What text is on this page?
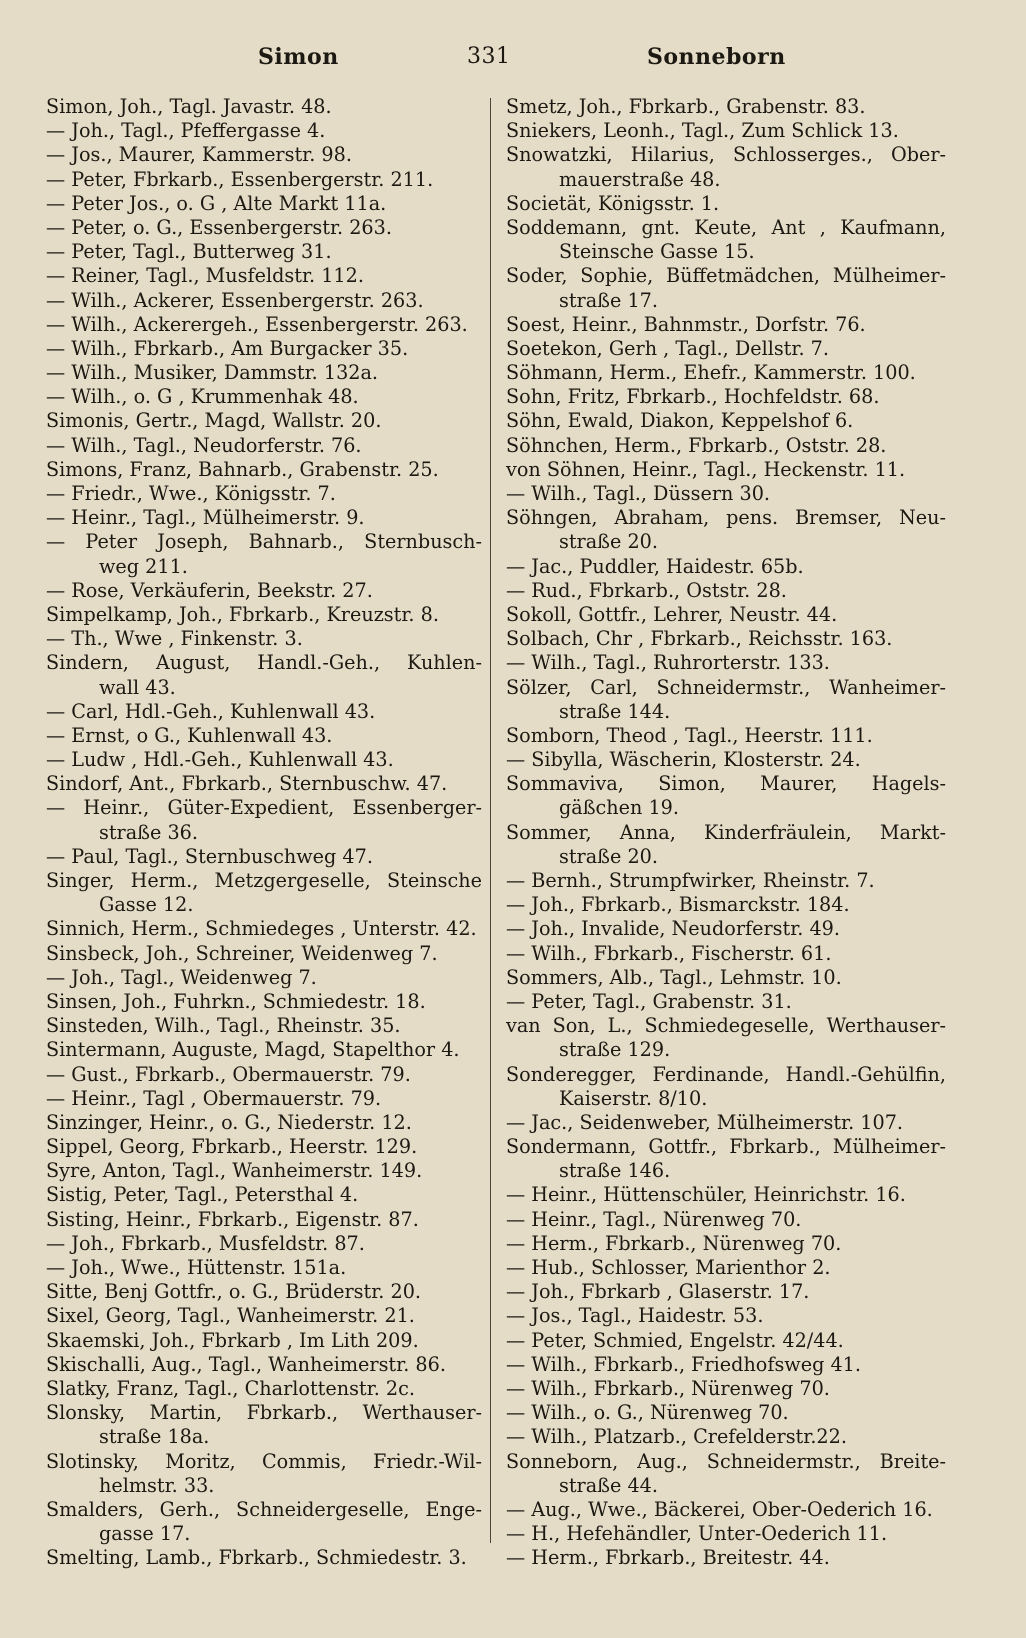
Simon	331	Sonneborn
Simon, Joh., Tagl. Javastr. 48.
— Joh., Tagl., Pfeffergasse 4.
— Jos., Maurer, Kammerstr. 98.
— Peter, Fbrkarb., Essenbergerstr. 211.
— Peter Jos., o. G , Alte Markt 11a.
— Peter, o. G., Essenbergerstr. 263.
— Peter, Tagl., Butterweg 31.
— Reiner, Tagl., Musfeldstr. 112.
— Wilh., Ackerer, Essenbergerstr. 263.
— Wilh., Ackerergeh., Essenbergerstr. 263.
— Wilh., Fbrkarb., Am Burgacker 35.
— Wilh., Musiker, Dammstr. 132a.
— Wilh., o. G , Krummenhak 48.
Simonis, Gertr., Magd, Wallstr. 20.
— Wilh., Tagl., Neudorferstr. 76.
Simons, Franz, Bahnarb., Grabenstr. 25.
— Friedr., Wwe., Königsstr. 7.
— Heinr., Tagl., Mülheimerstr. 9.
— Peter Joseph, Bahnarb., Sternbusch-
weg 211.
— Rose, Verkäuferin, Beekstr. 27.
Simpelkamp, Joh., Fbrkarb., Kreuzstr. 8.
— Th., Wwe , Finkenstr. 3.
Sindern, August, Handl.-Geh., Kuhlen-
wall 43.
— Carl, Hdl.-Geh., Kuhlenwall 43.
— Ernst, o G., Kuhlenwall 43.
— Ludw , Hdl.-Geh., Kuhlenwall 43.
Sindorf, Ant., Fbrkarb., Sternbuschw. 47.
— Heinr., Güter-Expedient, Essenberger-
straße 36.
— Paul, Tagl., Sternbuschweg 47.
Singer, Herm., Metzgergeselle, Steinsche
Gasse 12.
Sinnich, Herm., Schmiedeges , Unterstr. 42.
Sinsbeck, Joh., Schreiner, Weidenweg 7.
— Joh., Tagl., Weidenweg 7.
Sinsen, Joh., Fuhrkn., Schmiedestr. 18.
Sinsteden, Wilh., Tagl., Rheinstr. 35.
Sintermann, Auguste, Magd, Stapelthor 4.
— Gust., Fbrkarb., Obermauerstr. 79.
— Heinr., Tagl , Obermauerstr. 79.
Sinzinger, Heinr., o. G., Niederstr. 12.
Sippel, Georg, Fbrkarb., Heerstr. 129.
Syre, Anton, Tagl., Wanheimerstr. 149.
Sistig, Peter, Tagl., Petersthal 4.
Sisting, Heinr., Fbrkarb., Eigenstr. 87.
— Joh., Fbrkarb., Musfeldstr. 87.
— Joh., Wwe., Hüttenstr. 151a.
Sitte, Benj Gottfr., o. G., Brüderstr. 20.
Sixel, Georg, Tagl., Wanheimerstr. 21.
Skaemski, Joh., Fbrkarb , Im Lith 209.
Skischalli, Aug., Tagl., Wanheimerstr. 86.
Slatky, Franz, Tagl., Charlottenstr. 2c.
Slonsky, Martin, Fbrkarb., Werthauser-
straße 18a.
Slotinsky, Moritz, Commis, Friedr.-Wil-
helmstr. 33.
Smalders, Gerh., Schneidergeselle, Enge-
gasse 17.
Smelting, Lamb., Fbrkarb., Schmiedestr. 3.
Smetz, Joh., Fbrkarb., Grabenstr. 83.
Sniekers, Leonh., Tagl., Zum Schlick 13.
Snowatzki, Hilarius, Schlosserges., Ober-
mauerstraße 48.
Societät, Königsstr. 1.
Soddemann, gnt. Keute, Ant , Kaufmann,
Steinsche Gasse 15.
Soder, Sophie, Büffetmädchen, Mülheimer-
straße 17.
Soest, Heinr., Bahnmstr., Dorfstr. 76.
Soetekon, Gerh , Tagl., Dellstr. 7.
Söhmann, Herm., Ehefr., Kammerstr. 100.
Sohn, Fritz, Fbrkarb., Hochfeldstr. 68.
Söhn, Ewald, Diakon, Keppelshof 6.
Söhnchen, Herm., Fbrkarb., Oststr. 28.
von Söhnen, Heinr., Tagl., Heckenstr. 11.
— Wilh., Tagl., Düssern 30.
Söhngen, Abraham, pens. Bremser, Neu-
straße 20.
— Jac., Puddler, Haidestr. 65b.
— Rud., Fbrkarb., Oststr. 28.
Sokoll, Gottfr., Lehrer, Neustr. 44.
Solbach, Chr , Fbrkarb., Reichsstr. 163.
— Wilh., Tagl., Ruhrorterstr. 133.
Sölzer, Carl, Schneidermstr., Wanheimer-
straße 144.
Somborn, Theod , Tagl., Heerstr. 111.
— Sibylla, Wäscherin, Klosterstr. 24.
Sommaviva, Simon, Maurer, Hagels-
gäßchen 19.
Sommer, Anna, Kinderfräulein, Markt-
straße 20.
— Bernh., Strumpfwirker, Rheinstr. 7.
— Joh., Fbrkarb., Bismarckstr. 184.
— Joh., Invalide, Neudorferstr. 49.
— Wilh., Fbrkarb., Fischerstr. 61.
Sommers, Alb., Tagl., Lehmstr. 10.
— Peter, Tagl., Grabenstr. 31.
van Son, L., Schmiedegeselle, Werthauser-
straße 129.
Sonderegger, Ferdinande, Handl.-Gehülfin,
Kaiserstr. 8/10.
— Jac., Seidenweber, Mülheimerstr. 107.
Sondermann, Gottfr., Fbrkarb., Mülheimer-
straße 146.
— Heinr., Hüttenschüler, Heinrichstr. 16.
— Heinr., Tagl., Nürenweg 70.
— Herm., Fbrkarb., Nürenweg 70.
— Hub., Schlosser, Marienthor 2.
— Joh., Fbrkarb , Glaserstr. 17.
— Jos., Tagl., Haidestr. 53.
— Peter, Schmied, Engelstr. 42/44.
— Wilh., Fbrkarb., Friedhofsweg 41.
— Wilh., Fbrkarb., Nürenweg 70.
— Wilh., o. G., Nürenweg 70.
— Wilh., Platzarb., Crefelderstr.22.
Sonneborn, Aug., Schneidermstr., Breite-
straße 44.
— Aug., Wwe., Bäckerei, Ober-Oederich 16.
— H., Hefehändler, Unter-Oederich 11.
— Herm., Fbrkarb., Breitestr. 44.
